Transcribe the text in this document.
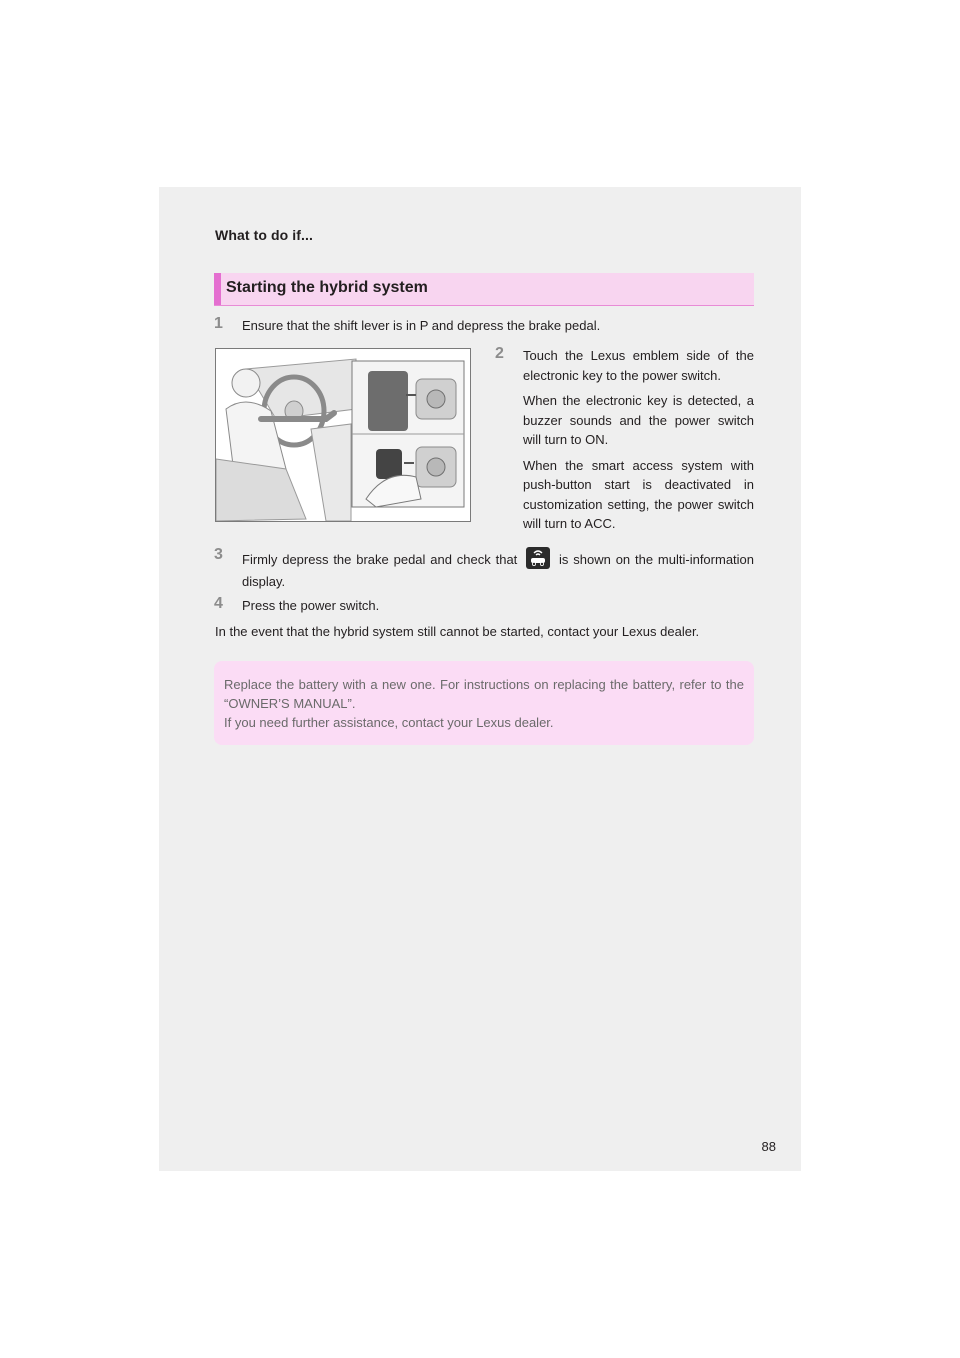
What to do if...
Starting the hybrid system
1 Ensure that the shift lever is in P and depress the brake pedal.
2 Touch the Lexus emblem side of the electronic key to the power switch.
When the electronic key is detected, a buzzer sounds and the power switch will turn to ON.
When the smart access system with push-button start is deactivated in customization setting, the power switch will turn to ACC.
3 Firmly depress the brake pedal and check that	is shown on the multi-information display.
4 Press the power switch.
In the event that the hybrid system still cannot be started, contact your Lexus dealer.
Replace the battery with a new one. For instructions on replacing the battery, refer to the “OWNER’S MANUAL”.
If you need further assistance, contact your Lexus dealer.
88
